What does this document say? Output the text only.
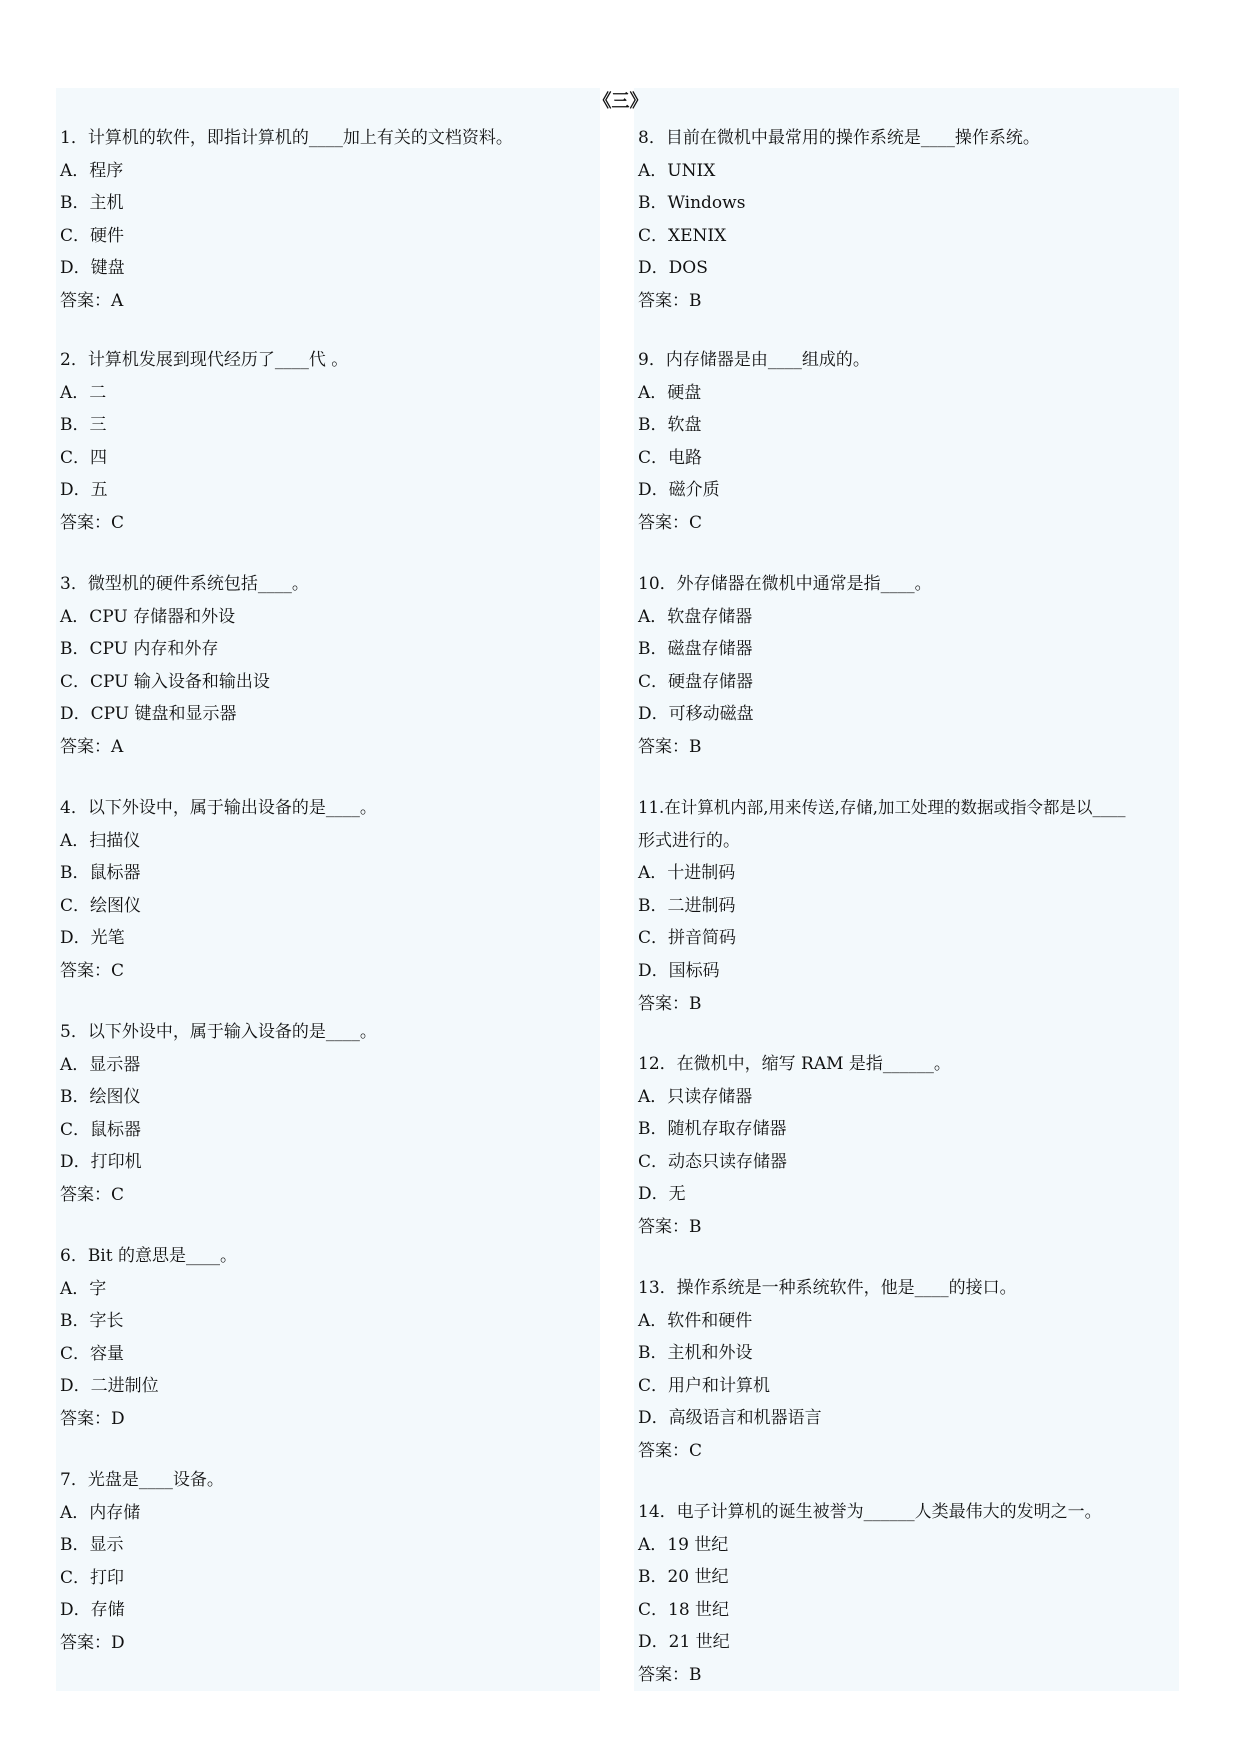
1．计算机的软件，即指计算机的____加上有关的文档资料。
A．程序
B．主机
C．硬件
D．键盘
答案：A
2．计算机发展到现代经历了____代 。
A．二
B．三
C．四
D．五
答案：C
3．微型机的硬件系统包括____。
A．CPU 存储器和外设
B．CPU 内存和外存
C．CPU 输入设备和输出设
D．CPU 键盘和显示器
答案：A
4．以下外设中，属于输出设备的是____。
A．扫描仪
B．鼠标器
C．绘图仪
D．光笔
答案：C
5．以下外设中，属于输入设备的是____。
A．显示器
B．绘图仪
C．鼠标器
D．打印机
答案：C
6．Bit 的意思是____。
A．字
B．字长
C．容量
D．二进制位
答案：D
7．光盘是____设备。
A．内存储
B．显示
C．打印
D．存储
答案：D
8．目前在微机中最常用的操作系统是____操作系统。
A．UNIX
B．Windows
C．XENIX
D．DOS
答案：B
9．内存储器是由____组成的。
A．硬盘
B．软盘
C．电路
D．磁介质
答案：C
10．外存储器在微机中通常是指____。
A．软盘存储器
B．磁盘存储器
C．硬盘存储器
D．可移动磁盘
答案：B
11.在计算机内部,用来传送,存储,加工处理的数据或指令都是以____
形式进行的。
A．十进制码
B．二进制码
C．拼音简码
D．国标码
答案：B
12．在微机中，缩写 RAM 是指______。
A．只读存储器
B．随机存取存储器
C．动态只读存储器
D．无
答案：B
13．操作系统是一种系统软件，他是____的接口。
A．软件和硬件
B．主机和外设
C．用户和计算机
D．高级语言和机器语言
答案：C
14．电子计算机的诞生被誉为______人类最伟大的发明之一。
A．19 世纪
B．20 世纪
C．18 世纪
D．21 世纪
答案：B
《三》
